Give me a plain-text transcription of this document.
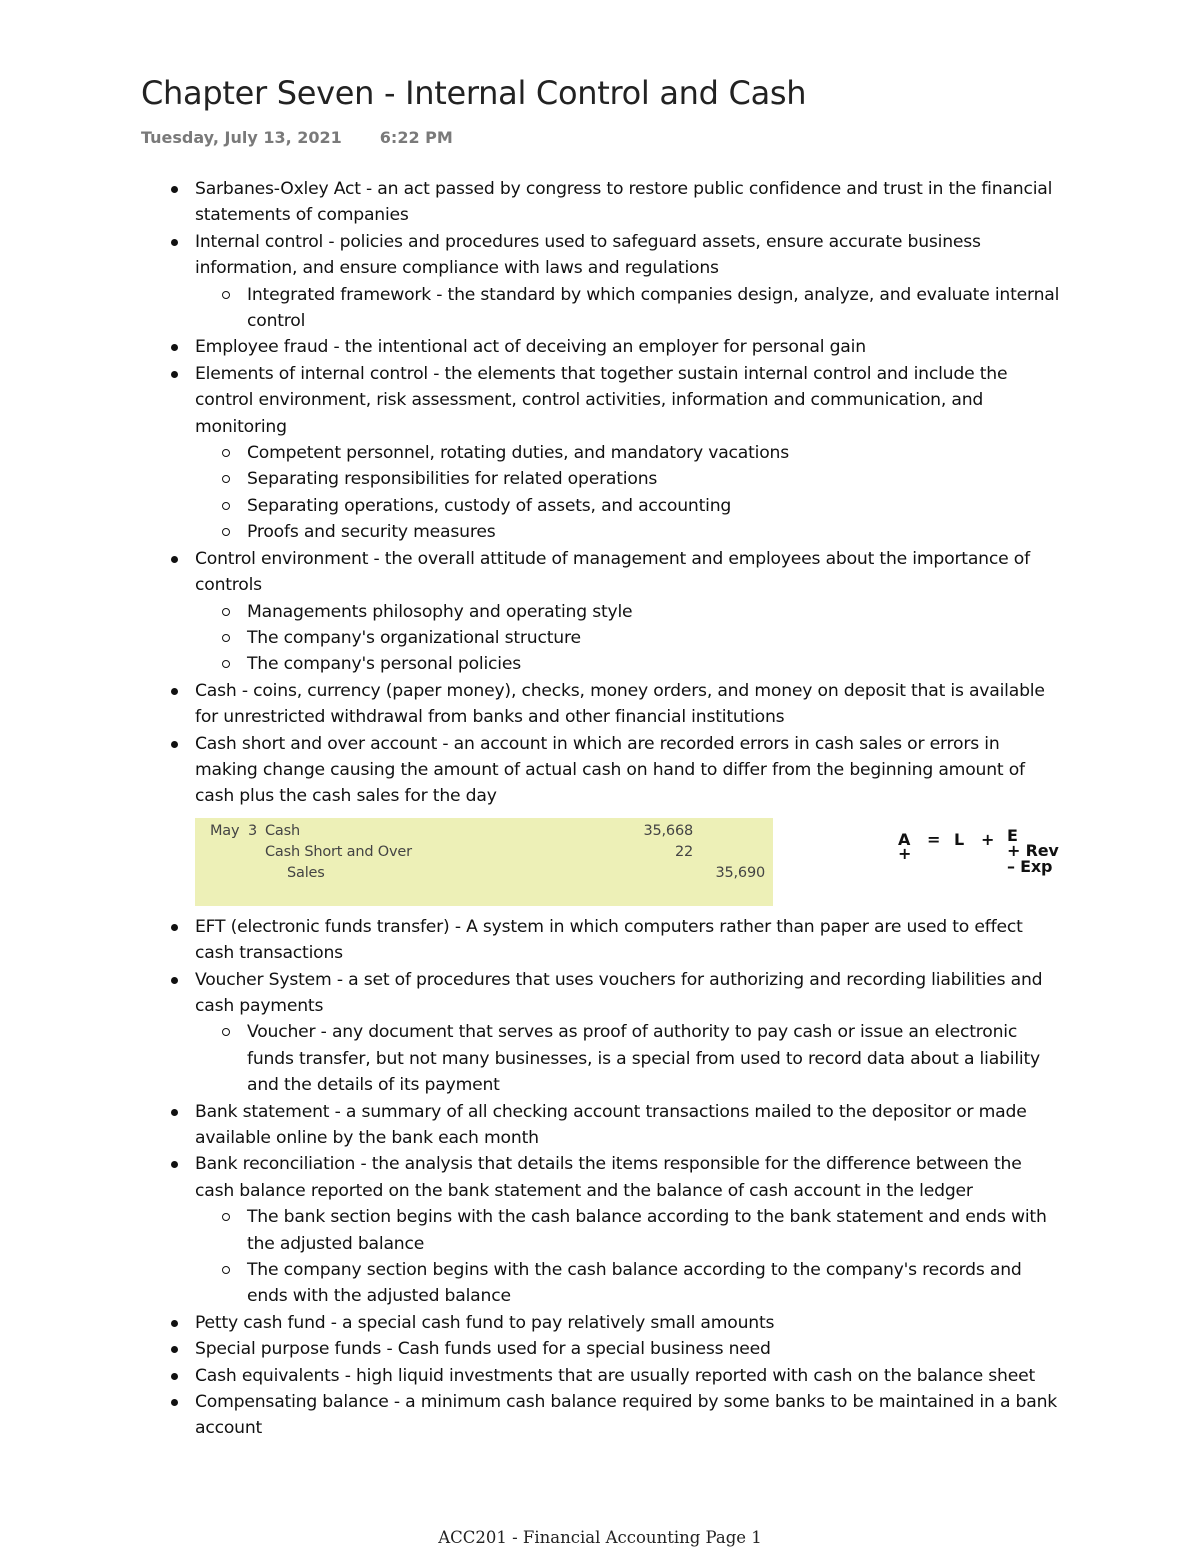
Chapter Seven - Internal Control and Cash
Tuesday, July 13, 2021 6:22 PM
Sarbanes-Oxley Act - an act passed by congress to restore public confidence and trust in the financial statements of companies
Internal control - policies and procedures used to safeguard assets, ensure accurate business information, and ensure compliance with laws and regulations
Integrated framework - the standard by which companies design, analyze, and evaluate internal control
Employee fraud - the intentional act of deceiving an employer for personal gain
Elements of internal control - the elements that together sustain internal control and include the control environment, risk assessment, control activities, information and communication, and monitoring
Competent personnel, rotating duties, and mandatory vacations
Separating responsibilities for related operations
Separating operations, custody of assets, and accounting
Proofs and security measures
Control environment - the overall attitude of management and employees about the importance of controls
Managements philosophy and operating style
The company's organizational structure
The company's personal policies
Cash - coins, currency (paper money), checks, money orders, and money on deposit that is available for unrestricted withdrawal from banks and other financial institutions
Cash short and over account - an account in which are recorded errors in cash sales or errors in making change causing the amount of actual cash on hand to differ from the beginning amount of cash plus the cash sales for the day
May 3 Cash	35,668
Cash Short and Over	22
Sales	35,690
A = L + E
+	+ Rev
– Exp
EFT (electronic funds transfer) - A system in which computers rather than paper are used to effect cash transactions
Voucher System - a set of procedures that uses vouchers for authorizing and recording liabilities and cash payments
Voucher - any document that serves as proof of authority to pay cash or issue an electronic funds transfer, but not many businesses, is a special from used to record data about a liability and the details of its payment
Bank statement - a summary of all checking account transactions mailed to the depositor or made available online by the bank each month
Bank reconciliation - the analysis that details the items responsible for the difference between the cash balance reported on the bank statement and the balance of cash account in the ledger
The bank section begins with the cash balance according to the bank statement and ends with the adjusted balance
The company section begins with the cash balance according to the company's records and ends with the adjusted balance
Petty cash fund - a special cash fund to pay relatively small amounts
Special purpose funds - Cash funds used for a special business need
Cash equivalents - high liquid investments that are usually reported with cash on the balance sheet
Compensating balance - a minimum cash balance required by some banks to be maintained in a bank account
ACC201 - Financial Accounting Page 1
